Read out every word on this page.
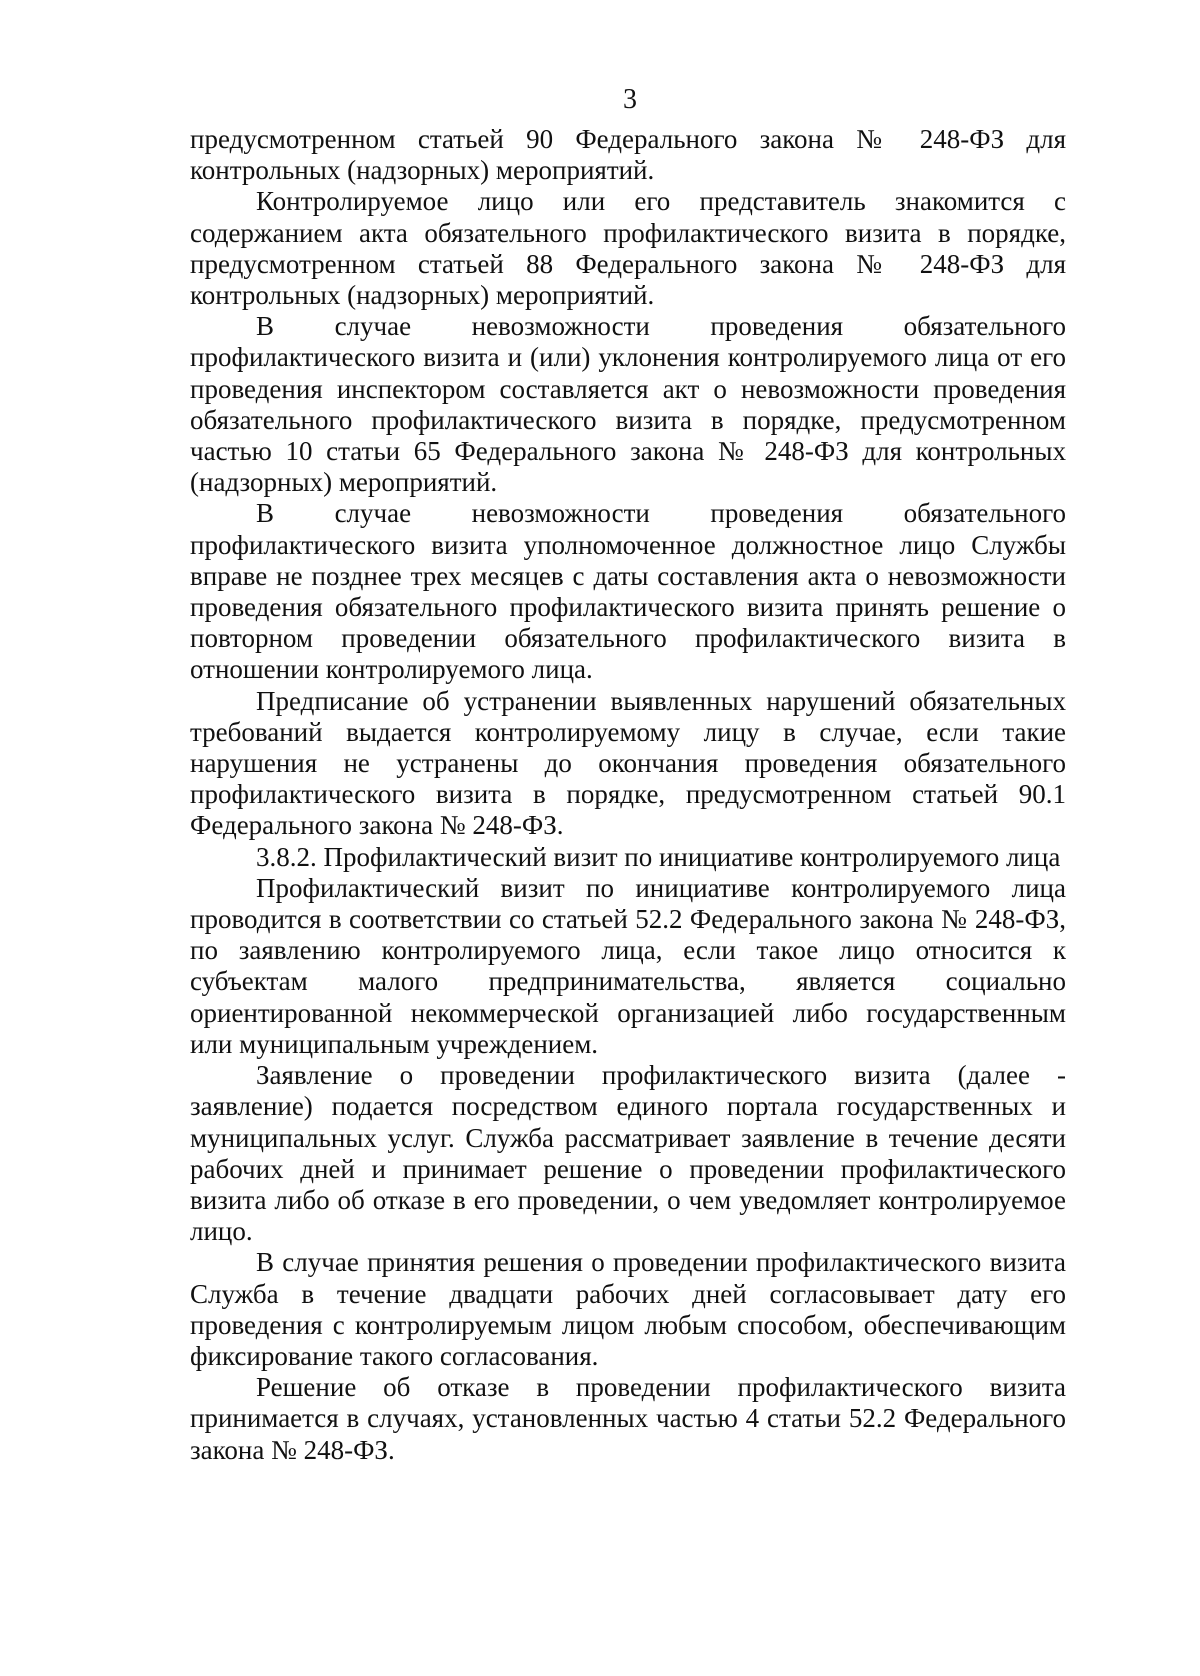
3

предусмотренном статьей 90 Федерального закона № 248-ФЗ для контрольных (надзорных) мероприятий.

Контролируемое лицо или его представитель знакомится с содержанием акта обязательного профилактического визита в порядке, предусмотренном статьей 88 Федерального закона № 248-ФЗ для контрольных (надзорных) мероприятий.

В случае невозможности проведения обязательного профилактического визита и (или) уклонения контролируемого лица от его проведения инспектором составляется акт о невозможности проведения обязательного профилактического визита в порядке, предусмотренном частью 10 статьи 65 Федерального закона № 248-ФЗ для контрольных (надзорных) мероприятий.

В случае невозможности проведения обязательного профилактического визита уполномоченное должностное лицо Службы вправе не позднее трех месяцев с даты составления акта о невозможности проведения обязательного профилактического визита принять решение о повторном проведении обязательного профилактического визита в отношении контролируемого лица.

Предписание об устранении выявленных нарушений обязательных требований выдается контролируемому лицу в случае, если такие нарушения не устранены до окончания проведения обязательного профилактического визита в порядке, предусмотренном статьей 90.1 Федерального закона № 248-ФЗ.

3.8.2. Профилактический визит по инициативе контролируемого лица

Профилактический визит по инициативе контролируемого лица проводится в соответствии со статьей 52.2 Федерального закона № 248-ФЗ, по заявлению контролируемого лица, если такое лицо относится к субъектам малого предпринимательства, является социально ориентированной некоммерческой организацией либо государственным или муниципальным учреждением.

Заявление о проведении профилактического визита (далее - заявление) подается посредством единого портала государственных и муниципальных услуг. Служба рассматривает заявление в течение десяти рабочих дней и принимает решение о проведении профилактического визита либо об отказе в его проведении, о чем уведомляет контролируемое лицо.

В случае принятия решения о проведении профилактического визита Служба в течение двадцати рабочих дней согласовывает дату его проведения с контролируемым лицом любым способом, обеспечивающим фиксирование такого согласования.

Решение об отказе в проведении профилактического визита принимается в случаях, установленных частью 4 статьи 52.2 Федерального закона № 248-ФЗ.
